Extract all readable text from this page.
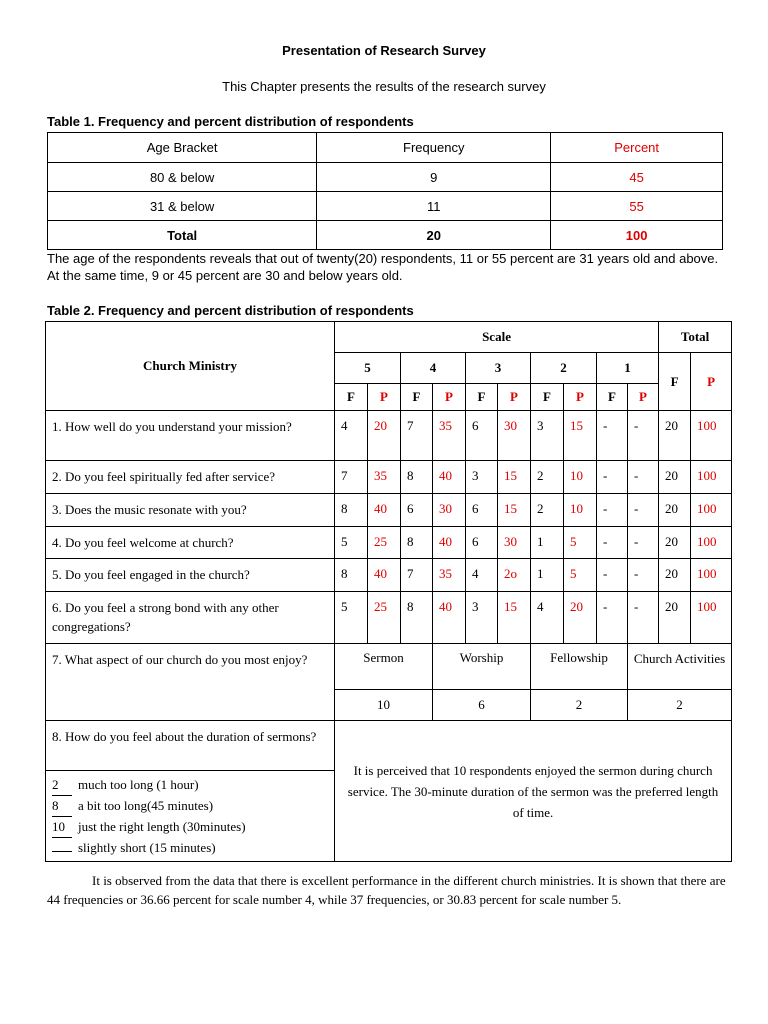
Presentation of Research Survey
This Chapter presents the results of the research survey
Table 1. Frequency and percent distribution of respondents
Age Bracket	Frequency	Percent
80 & below	9	45
31 & below	11	55
Total	20	100
The age of the respondents reveals that out of twenty(20) respondents, 11 or 55 percent are 31 years old and above. At the same time, 9 or 45 percent are 30 and below years old.
Table 2. Frequency and percent distribution of respondents
Church Ministry	Scale										Total	
	5		4		3		2		1		F	P
	F	P	F	P	F	P	F	P	F	P		
1. How well do you understand your mission?	4	20	7	35	6	30	3	15	-	-	20	100
2. Do you feel spiritually fed after service?	7	35	8	40	3	15	2	10	-	-	20	100
3. Does the music resonate with you?	8	40	6	30	6	15	2	10	-	-	20	100
4. Do you feel welcome at church?	5	25	8	40	6	30	1	5	-	-	20	100
5. Do you feel engaged in the church?	8	40	7	35	4	2o	1	5	-	-	20	100
6. Do you feel a strong bond with any other congregations?	5	25	8	40	3	15	4	20	-	-	20	100
7. What aspect of our church do you most enjoy?	Sermon			Worship			Fellowship			Church Activities		
	10			6			2			2		
8. How do you feel about the duration of sermons?	It is perceived that 10 respondents enjoyed the sermon during church service. The 30-minute duration of the sermon was the preferred length of time.											

2 much too long (1 hour)
8 a bit too long(45 minutes)
10 just the right length (30minutes)
slightly short (15 minutes)												
It is observed from the data that there is excellent performance in the different church ministries. It is shown that there are 44 frequencies or 36.66 percent for scale number 4, while 37 frequencies, or 30.83 percent for scale number 5.
